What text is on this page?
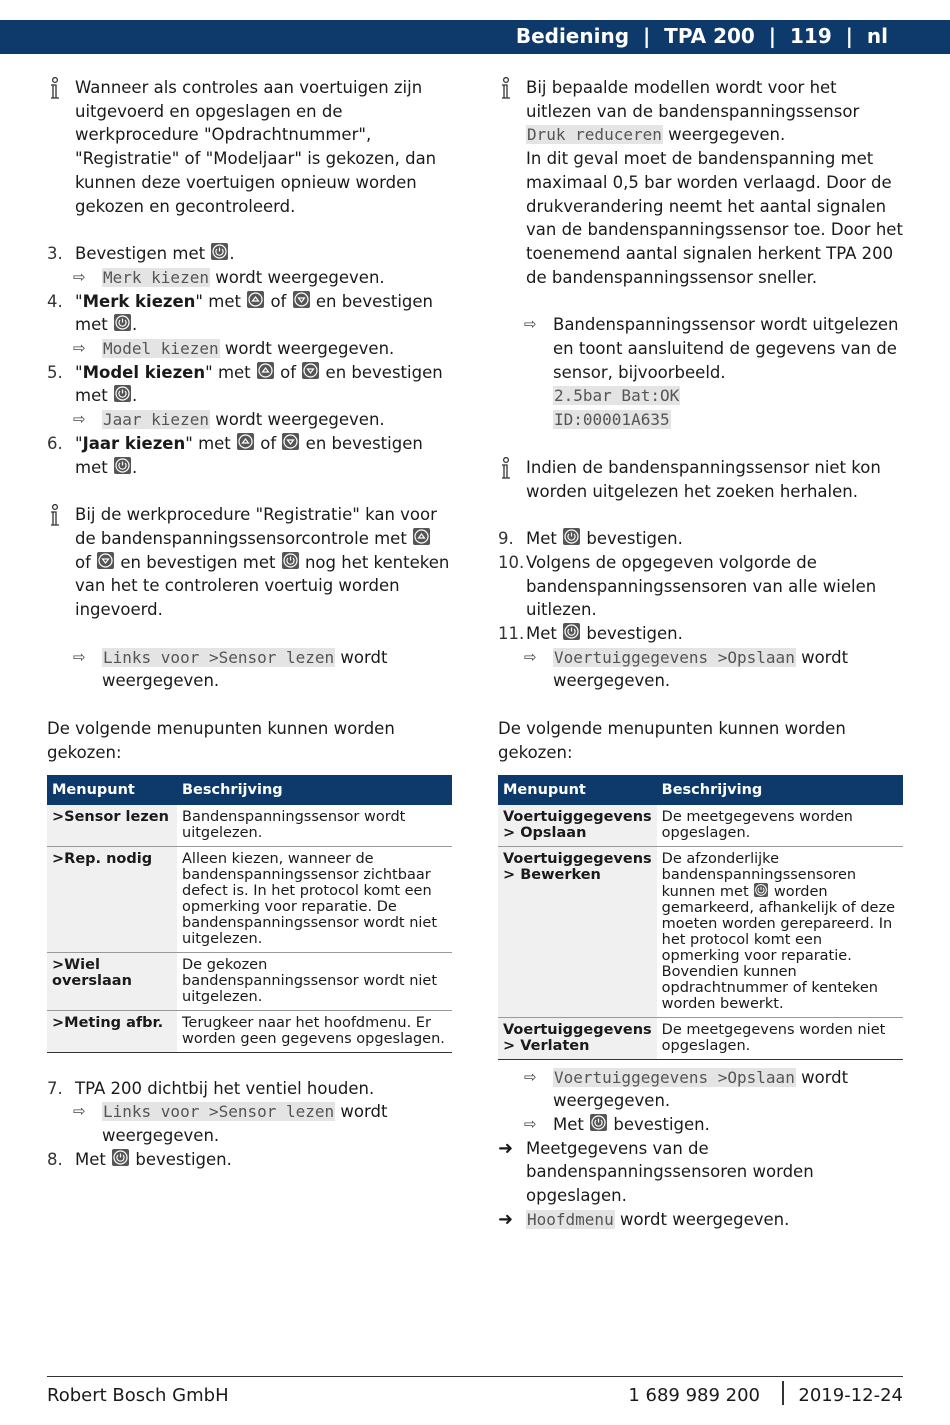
Bediening  |  TPA 200  |  119  |  nl
Wanneer als controles aan voertuigen zijn uitgevoerd en opgeslagen en de werkprocedure "Opdrachtnummer", "Registratie" of "Modeljaar" is gekozen, dan kunnen deze voertuigen opnieuw worden gekozen en gecontroleerd.
3. Bevestigen met
.
⇨ Merk kiezen wordt weergegeven.
4. "Merk kiezen" met
of
en bevestigen met
.
⇨ Model kiezen wordt weergegeven.
5. "Model kiezen" met
of
en bevestigen met
.
⇨ Jaar kiezen wordt weergegeven.
6. "Jaar kiezen" met
of
en bevestigen met
.
Bij de werkprocedure "Registratie" kan voor de bandenspanningssensorcontrole met
of
en bevestigen met
nog het kenteken van het te controleren voertuig worden ingevoerd.
⇨ Links voor >Sensor lezen wordt weergegeven.

De volgende menupunten kunnen worden gekozen:

Menupunt	Beschrijving
>Sensor lezen	Bandenspanningssensor wordt uitgelezen.
>Rep. nodig	Alleen kiezen, wanneer de bandenspanningssensor zichtbaar defect is. In het protocol komt een opmerking voor reparatie. De bandenspanningssensor wordt niet uitgelezen.
>Wiel overslaan	De gekozen bandenspanningssensor wordt niet uitgelezen.
>Meting afbr.	Terugkeer naar het hoofdmenu. Er worden geen gegevens opgeslagen.
7. TPA 200 dichtbij het ventiel houden.
⇨ Links voor >Sensor lezen wordt weergegeven.
8. Met
bevestigen.
Bij bepaalde modellen wordt voor het uitlezen van de bandenspanningssensor Druk reduceren weergegeven.
In dit geval moet de bandenspanning met maximaal 0,5 bar worden verlaagd. Door de drukverandering neemt het aantal signalen van de bandenspanningssensor toe. Door het toenemend aantal signalen herkent TPA 200 de bandenspanningssensor sneller.
⇨ Bandenspanningssensor wordt uitgelezen en toont aansluitend de gegevens van de sensor, bijvoorbeeld.
2.5bar Bat:OK
ID:00001A635
Indien de bandenspanningssensor niet kon worden uitgelezen het zoeken herhalen.
9. Met
bevestigen.
10. Volgens de opgegeven volgorde de bandenspanningssensoren van alle wielen uitlezen.
11. Met
bevestigen.
⇨ Voertuiggegevens >Opslaan wordt weergegeven.

De volgende menupunten kunnen worden gekozen:

Menupunt	Beschrijving
Voertuiggegevens > Opslaan	De meetgegevens worden opgeslagen.
Voertuiggegevens > Bewerken	De afzonderlijke bandenspanningssensoren kunnen met
worden gemarkeerd, afhankelijk of deze moeten worden gerepareerd. In het protocol komt een opmerking voor reparatie. Bovendien kunnen opdrachtnummer of kenteken worden bewerkt.
Voertuiggegevens > Verlaten	De meetgegevens worden niet opgeslagen.
⇨ Voertuiggegevens >Opslaan wordt weergegeven.
⇨ Met
bevestigen.
➜ Meetgegevens van de bandenspanningssensoren worden opgeslagen.
➜ Hoofdmenu wordt weergegeven.
Robert Bosch GmbH	1 689 989 200 2019-12-24
